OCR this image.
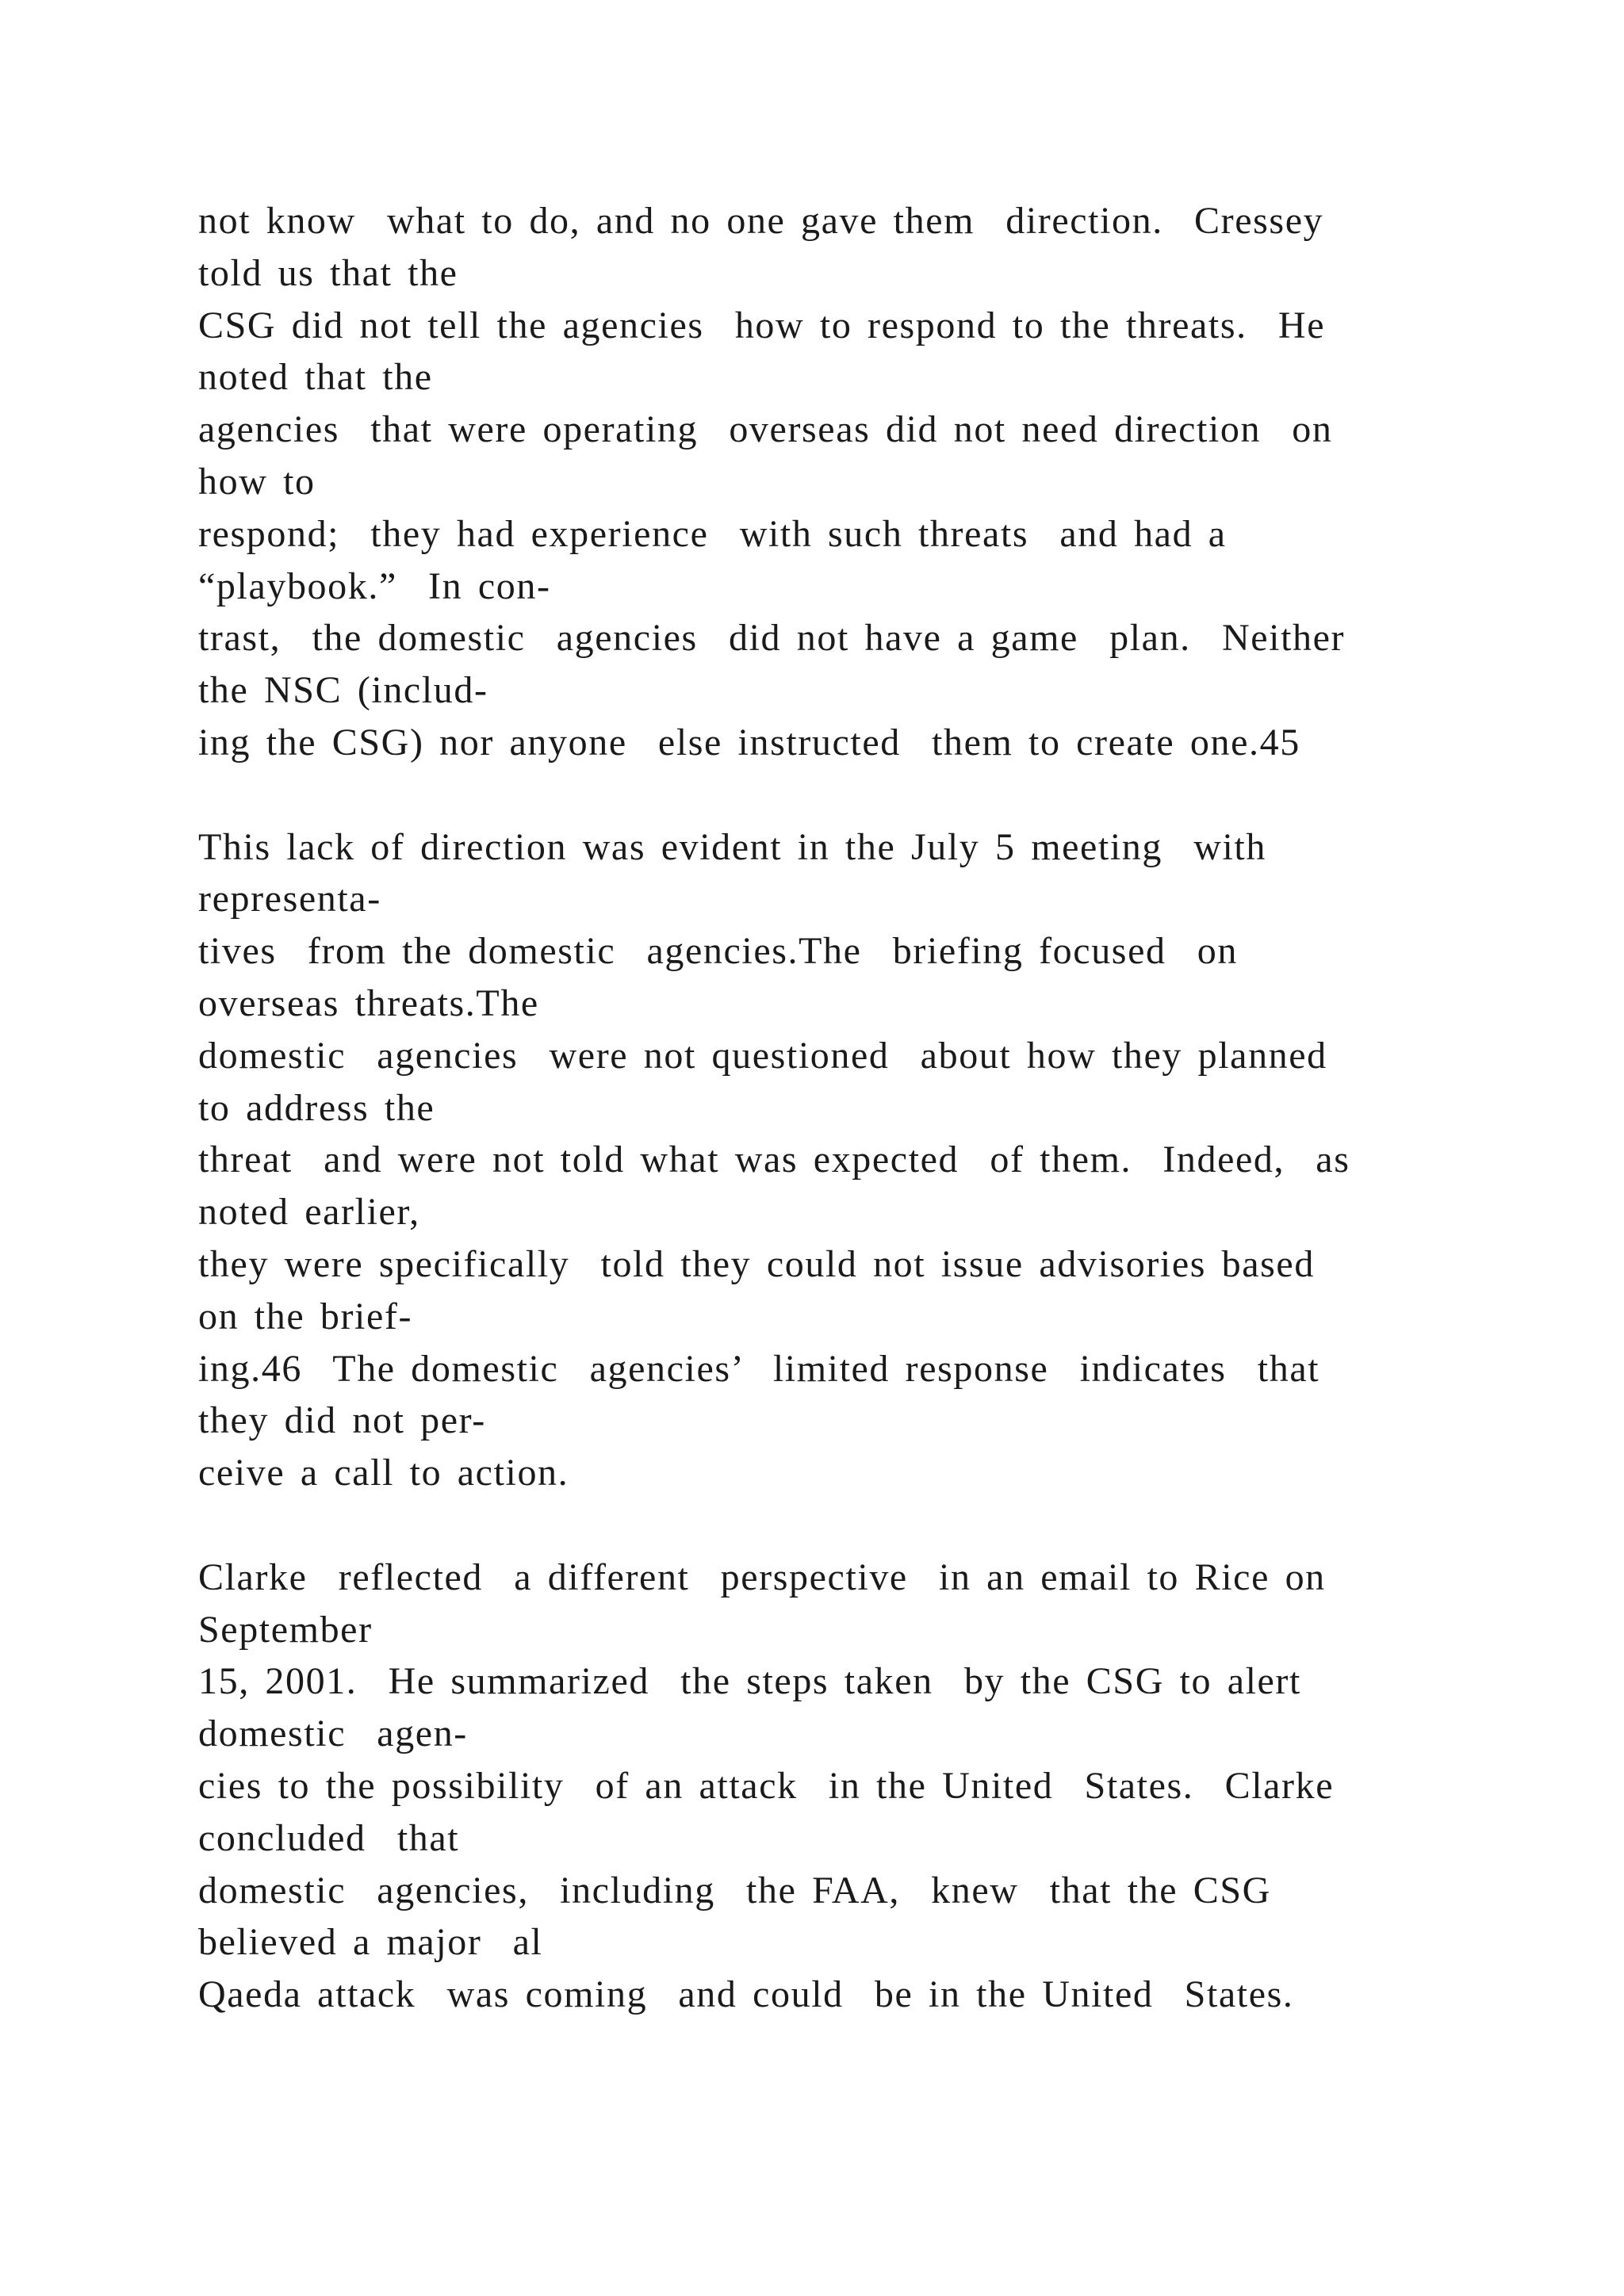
not know  what to do, and no one gave them  direction.  Cressey
told us that the
CSG did not tell the agencies  how to respond to the threats.  He
noted that the
agencies  that were operating  overseas did not need direction  on
how to
respond;  they had experience  with such threats  and had a
“playbook.”  In con-
trast,  the domestic  agencies  did not have a game  plan.  Neither
the NSC (includ-
ing the CSG) nor anyone  else instructed  them to create one.45
This lack of direction was evident in the July 5 meeting  with
representa-
tives  from the domestic  agencies.The  briefing focused  on
overseas threats.The
domestic  agencies  were not questioned  about how they planned
to address the
threat  and were not told what was expected  of them.  Indeed,  as
noted earlier,
they were specifically  told they could not issue advisories based
on the brief-
ing.46  The domestic  agencies’  limited response  indicates  that
they did not per-
ceive a call to action.
Clarke  reflected  a different  perspective  in an email to Rice on
September
15, 2001.  He summarized  the steps taken  by the CSG to alert
domestic  agen-
cies to the possibility  of an attack  in the United  States.  Clarke
concluded  that
domestic  agencies,  including  the FAA,  knew  that the CSG
believed a major  al
Qaeda attack  was coming  and could  be in the United  States.
